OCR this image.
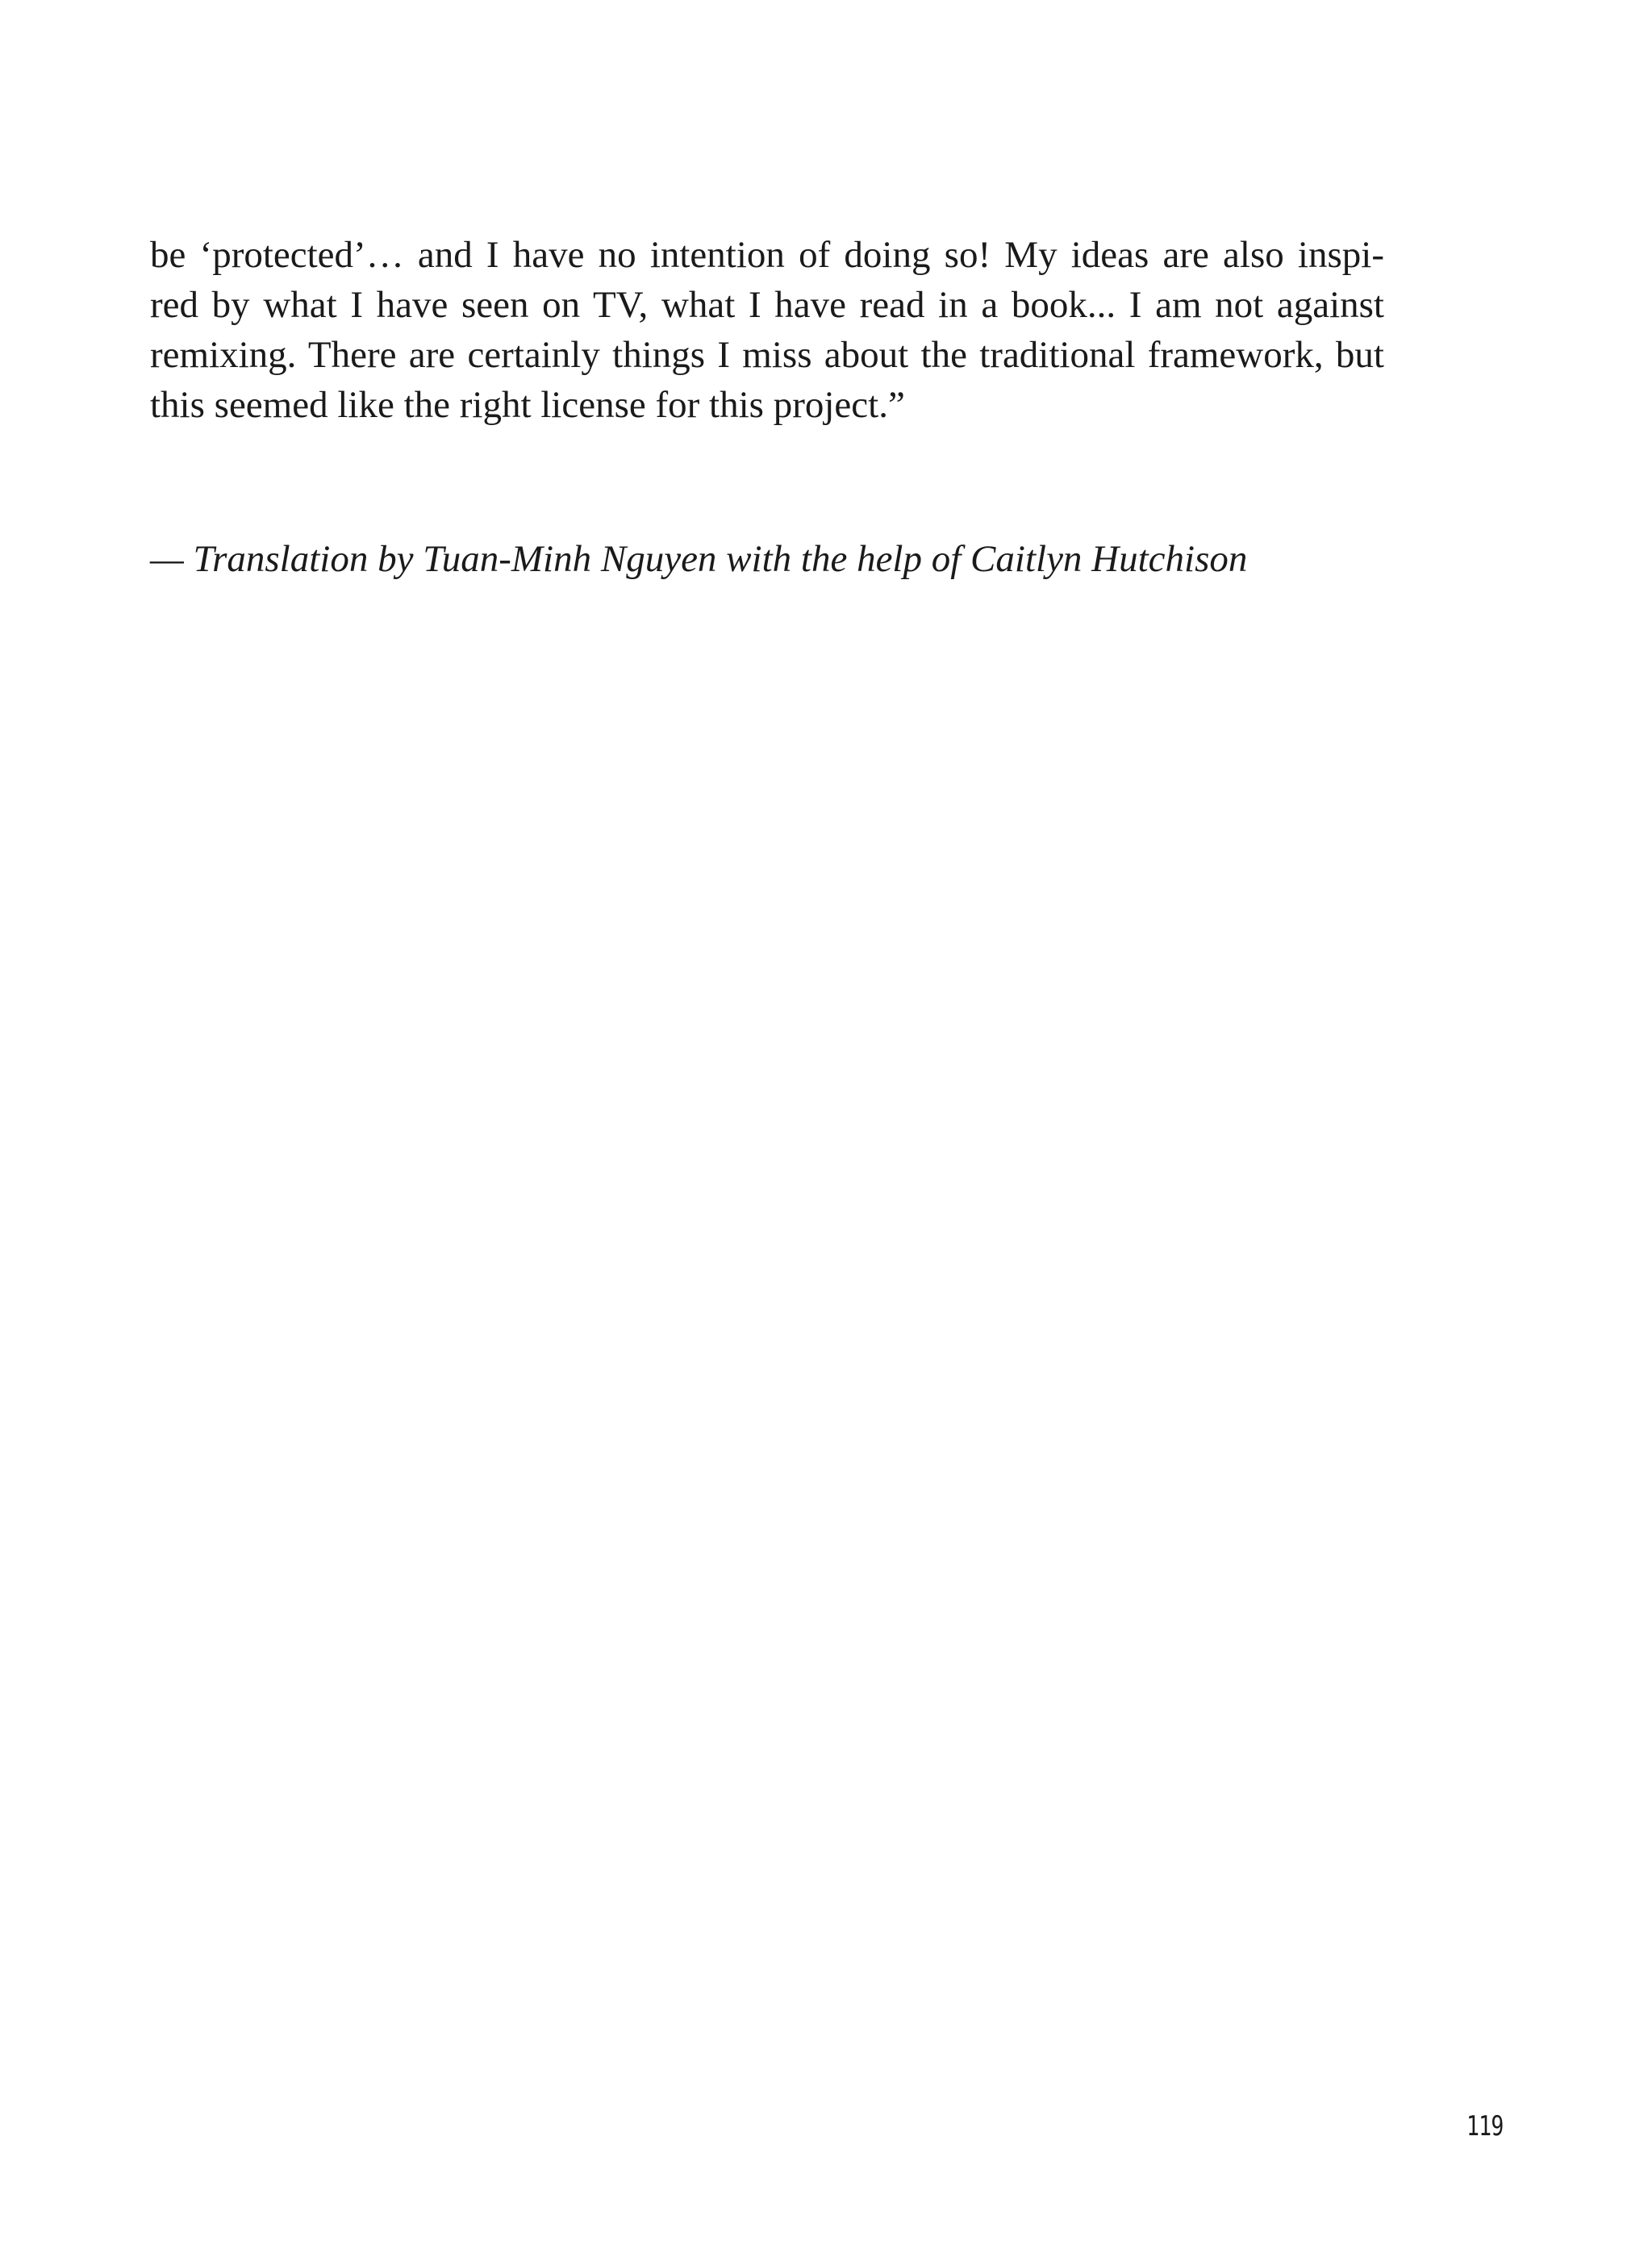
be ‘protected’… and I have no intention of doing so! My ideas are also inspi-
red by what I have seen on TV, what I have read in a book... I am not against
remixing. There are certainly things I miss about the traditional framework, but
this seemed like the right license for this project.”

— Translation by Tuan-Minh Nguyen with the help of Caitlyn Hutchison

119
